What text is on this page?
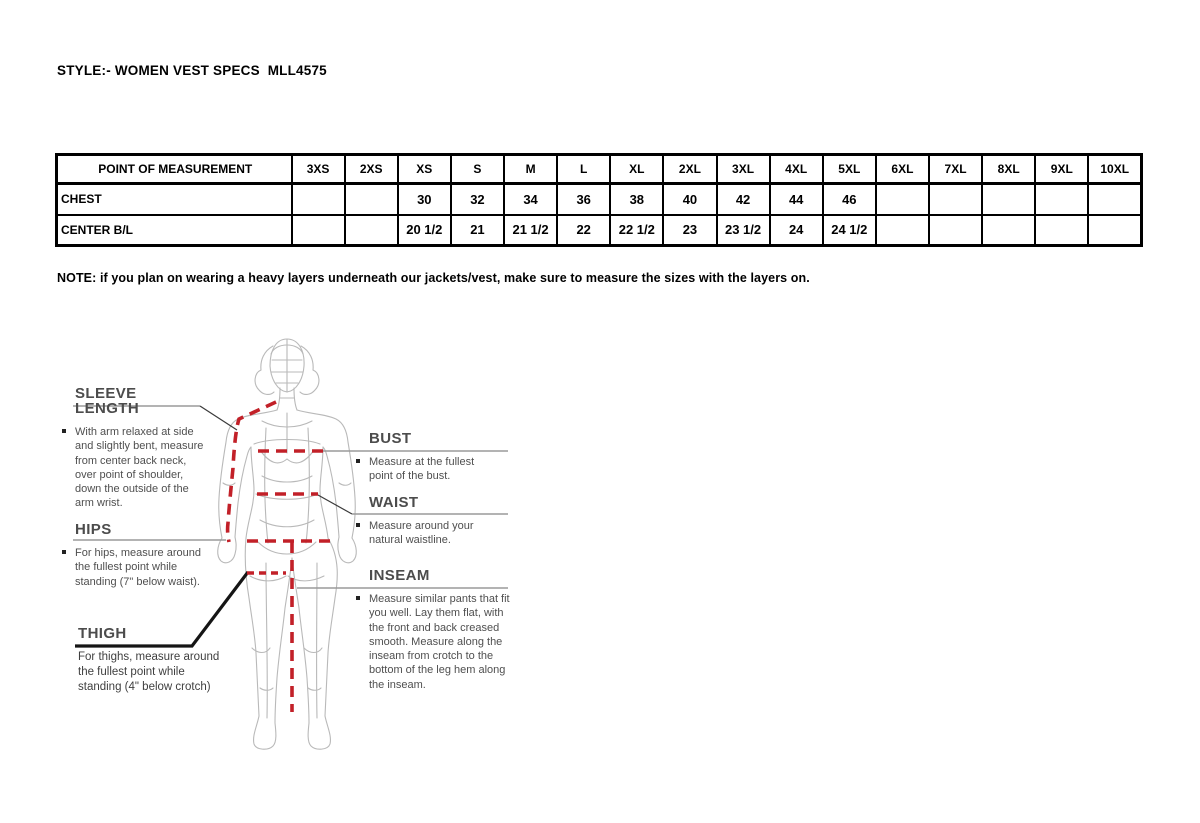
STYLE:- WOMEN VEST SPECS  MLL4575
POINT OF MEASUREMENT	3XS	2XS	XS	S	M	L	XL	2XL	3XL	4XL	5XL	6XL	7XL	8XL	9XL	10XL
CHEST			30	32	34	36	38	40	42	44	46					
CENTER B/L			20 1/2	21	21 1/2	22	22 1/2	23	23 1/2	24	24 1/2					
NOTE: if you plan on wearing a heavy layers underneath our jackets/vest, make sure to measure the sizes with the layers on.
SLEEVE LENGTH
With arm relaxed at side and slightly bent, measure from center back neck, over point of shoulder, down the outside of the arm wrist.
HIPS
For hips, measure around the fullest point while standing (7" below waist).
THIGH
For thighs, measure around the fullest point while standing (4" below crotch)
BUST
Measure at the fullest point of the bust.
WAIST
Measure around your natural waistline.
INSEAM
Measure similar pants that fit you well. Lay them flat, with the front and back creased smooth. Measure along the inseam from crotch to the bottom of the leg hem along the inseam.
